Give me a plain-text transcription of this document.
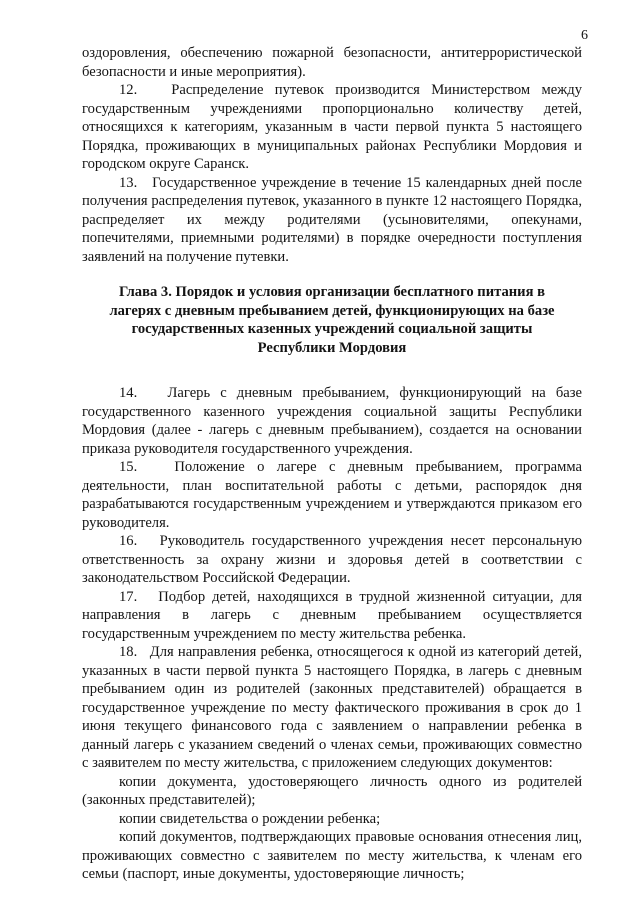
6

оздоровления, обеспечению пожарной безопасности, антитеррористической безопасности и иные мероприятия).

12.   Распределение путевок производится Министерством между государственным учреждениями пропорционально количеству детей, относящихся к категориям, указанным в части первой пункта 5 настоящего Порядка, проживающих в муниципальных районах Республики Мордовия и городском округе Саранск.

13.   Государственное учреждение в течение 15 календарных дней после получения распределения путевок, указанного в пункте 12 настоящего Порядка, распределяет их между родителями (усыновителями, опекунами, попечителями, приемными родителями) в порядке очередности поступления заявлений на получение путевки.

Глава 3. Порядок и условия организации бесплатного питания в
лагерях с дневным пребыванием детей, функционирующих на базе
государственных казенных учреждений социальной защиты
Республики Мордовия

14.   Лагерь с дневным пребыванием, функционирующий на базе государственного казенного учреждения социальной защиты Республики Мордовия (далее - лагерь с дневным пребыванием), создается на основании приказа руководителя государственного учреждения.

15.   Положение о лагере с дневным пребыванием, программа деятельности, план воспитательной работы с детьми, распорядок дня разрабатываются государственным учреждением и утверждаются приказом его руководителя.

16.   Руководитель государственного учреждения несет персональную ответственность за охрану жизни и здоровья детей в соответствии с законодательством Российской Федерации.

17.   Подбор детей, находящихся в трудной жизненной ситуации, для направления в лагерь с дневным пребыванием осуществляется государственным учреждением по месту жительства ребенка.

18.   Для направления ребенка, относящегося к одной из категорий детей, указанных в части первой пункта 5 настоящего Порядка, в лагерь с дневным пребыванием один из родителей (законных представителей) обращается в государственное учреждение по месту фактического проживания в срок до 1 июня текущего финансового года с заявлением о направлении ребенка в данный лагерь с указанием сведений о членах семьи, проживающих совместно с заявителем по месту жительства, с приложением следующих документов:

копии документа, удостоверяющего личность одного из родителей (законных представителей);

копии свидетельства о рождении ребенка;

копий документов, подтверждающих правовые основания отнесения лиц, проживающих совместно с заявителем по месту жительства, к членам его семьи (паспорт, иные документы, удостоверяющие личность;
